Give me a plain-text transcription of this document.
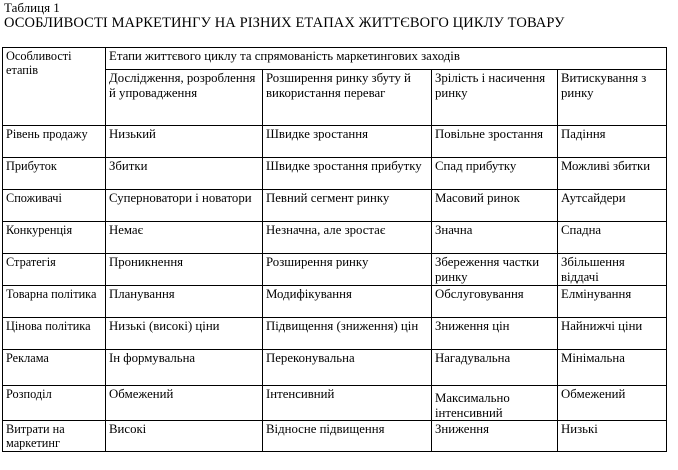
Таблиця 1
ОСОБЛИВОСТІ МАРКЕТИНГУ НА РІЗНИХ ЕТАПАХ ЖИТТЄВОГО ЦИКЛУ ТОВАРУ
Особливості етапів	Етапи життєвого циклу та спрямованість маркетингових заходів			
	Дослідження, розроблення й упровадження	Розширення ринку збуту й використання переваг	Зрілість і насичення ринку	Витискування з ринку
Рівень продажу	Низький	Швидке зростання	Повільне зростання	Падіння
Прибуток	Збитки	Швидке зростання прибутку	Спад прибутку	Можливі збитки
Споживачі	Суперноватори і новатори	Певний сегмент ринку	Масовий ринок	Аутсайдери
Конкуренція	Немає	Незначна, але зростає	Значна	Спадна
Стратегія	Проникнення	Розширення ринку	Збереження частки ринку	Збільшення віддачі
Товарна політика	Планування	Модифікування	Обслуговування	Елмінування
Цінова політика	Низькі (високі) ціни	Підвищення (зниження) цін	Зниження цін	Найнижчі ціни
Реклама	Ін формувальна	Переконувальна	Нагадувальна	Мінімальна
Розподіл	Обмежений	Інтенсивний	Максимально інтенсивний	Обмежений
Витрати на маркетинг	Високі	Відносне підвищення	Зниження	Низькі
